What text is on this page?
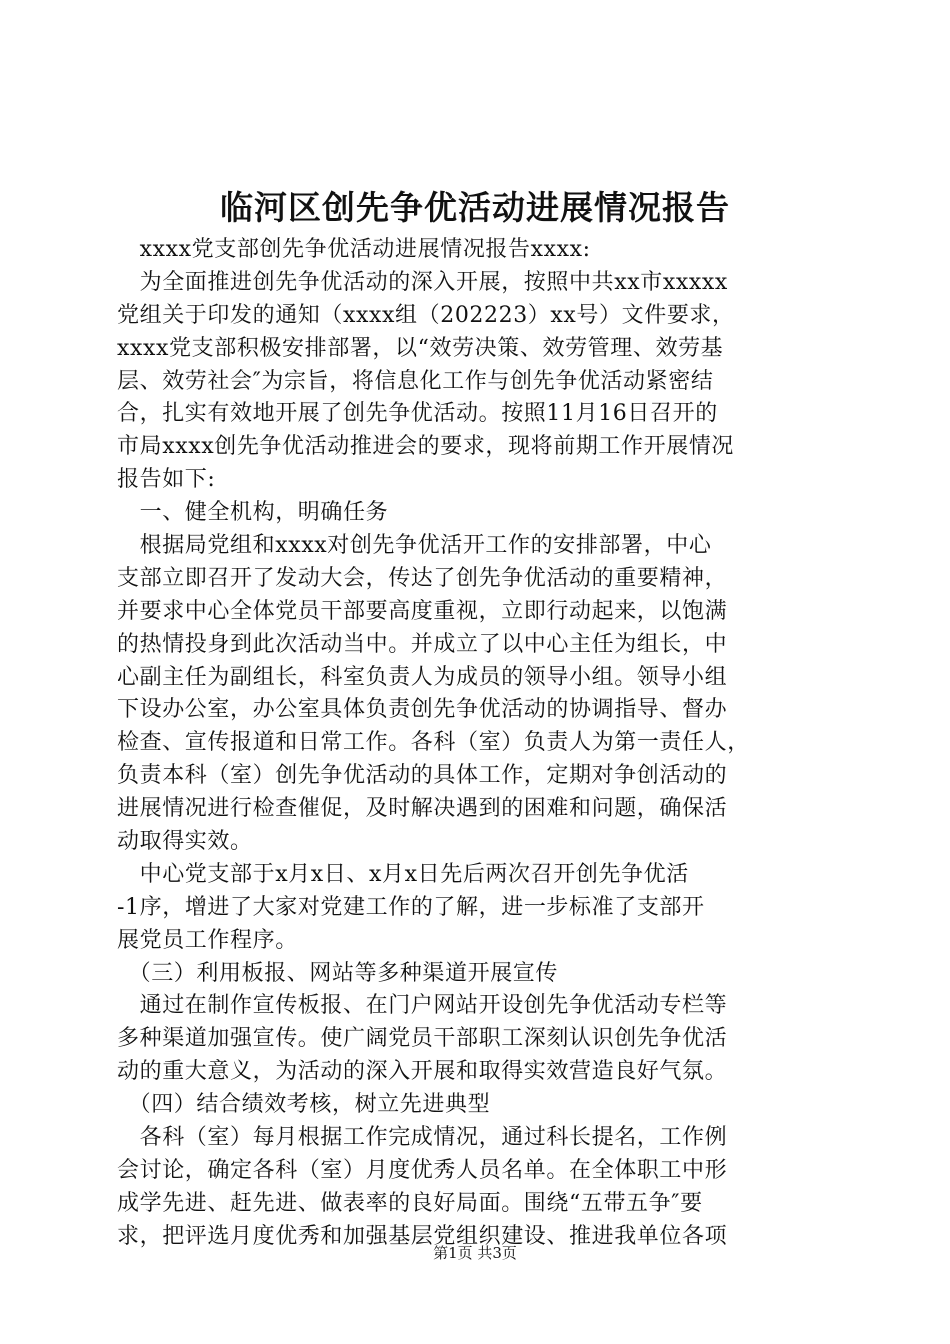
临河区创先争优活动进展情况报告
　xxxx党支部创先争优活动进展情况报告xxxx:
　为全面推进创先争优活动的深入开展，按照中共xx市xxxxx
党组关于印发的通知（xxxx组（202223）xx号）文件要求，
xxxx党支部积极安排部署，以“效劳决策、效劳管理、效劳基
层、效劳社会″为宗旨，将信息化工作与创先争优活动紧密结
合，扎实有效地开展了创先争优活动。按照11月16日召开的
市局xxxx创先争优活动推进会的要求，现将前期工作开展情况
报告如下:
　一、健全机构，明确任务
　根据局党组和xxxx对创先争优活开工作的安排部署，中心
支部立即召开了发动大会，传达了创先争优活动的重要精神，
并要求中心全体党员干部要高度重视，立即行动起来，以饱满
的热情投身到此次活动当中。并成立了以中心主任为组长，中
心副主任为副组长，科室负责人为成员的领导小组。领导小组
下设办公室，办公室具体负责创先争优活动的协调指导、督办
检查、宣传报道和日常工作。各科（室）负责人为第一责任人，
负责本科（室）创先争优活动的具体工作，定期对争创活动的
进展情况进行检查催促，及时解决遇到的困难和问题，确保活
动取得实效。
　中心党支部于x月x日、x月x日先后两次召开创先争优活
-1序，增进了大家对党建工作的了解，进一步标准了支部开
展党员工作程序。
　（三）利用板报、网站等多种渠道开展宣传
　通过在制作宣传板报、在门户网站开设创先争优活动专栏等
多种渠道加强宣传。使广阔党员干部职工深刻认识创先争优活
动的重大意义，为活动的深入开展和取得实效营造良好气氛。
　（四）结合绩效考核，树立先进典型
　各科（室）每月根据工作完成情况，通过科长提名，工作例
会讨论，确定各科（室）月度优秀人员名单。在全体职工中形
成学先进、赶先进、做表率的良好局面。围绕“五带五争″要
求，把评选月度优秀和加强基层党组织建设、推进我单位各项
第1页 共3页
